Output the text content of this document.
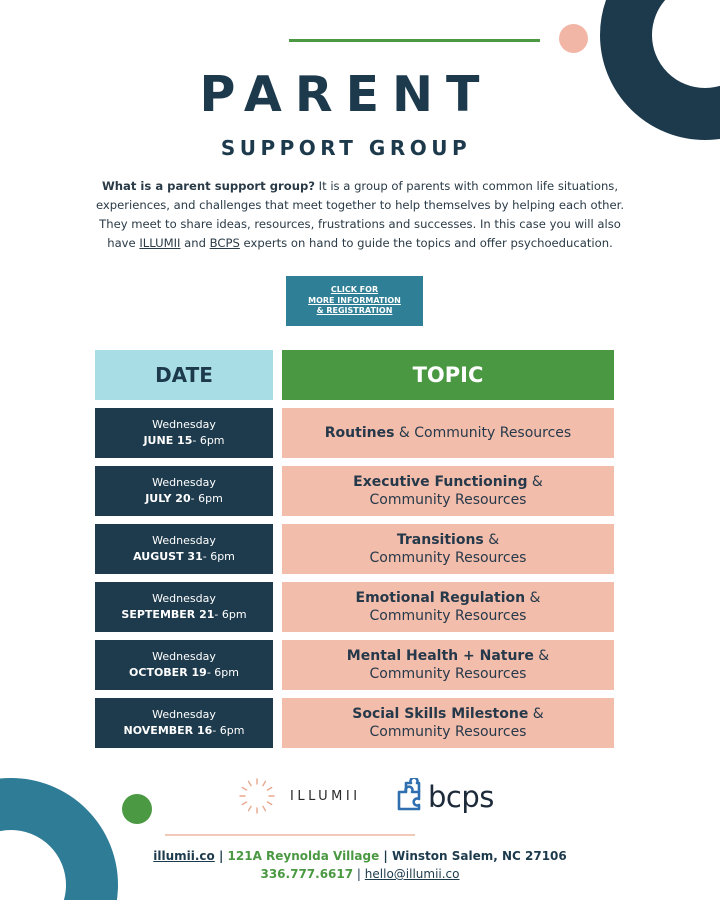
PARENT
SUPPORT GROUP

What is a parent support group? It is a group of parents with common life situations, experiences, and challenges that meet together to help themselves by helping each other. They meet to share ideas, resources, frustrations and successes. In this case you will also have ILLUMII and BCPS experts on hand to guide the topics and offer psychoeducation.

CLICK FOR
MORE INFORMATION
& REGISTRATION
DATE	TOPIC
Wednesday
JUNE 15- 6pm	Routines & Community Resources
Wednesday
JULY 20- 6pm
Executive Functioning &
Community Resources
Wednesday
AUGUST 31- 6pm
Transitions &
Community Resources
Wednesday
SEPTEMBER 21- 6pm
Emotional Regulation &
Community Resources
Wednesday
OCTOBER 19- 6pm
Mental Health + Nature &
Community Resources
Wednesday
NOVEMBER 16- 6pm
Social Skills Milestone &
Community Resources
ILLUMII bcps
illumii.co | 121A Reynolda Village | Winston Salem, NC 27106
336.777.6617 | hello@illumii.co
